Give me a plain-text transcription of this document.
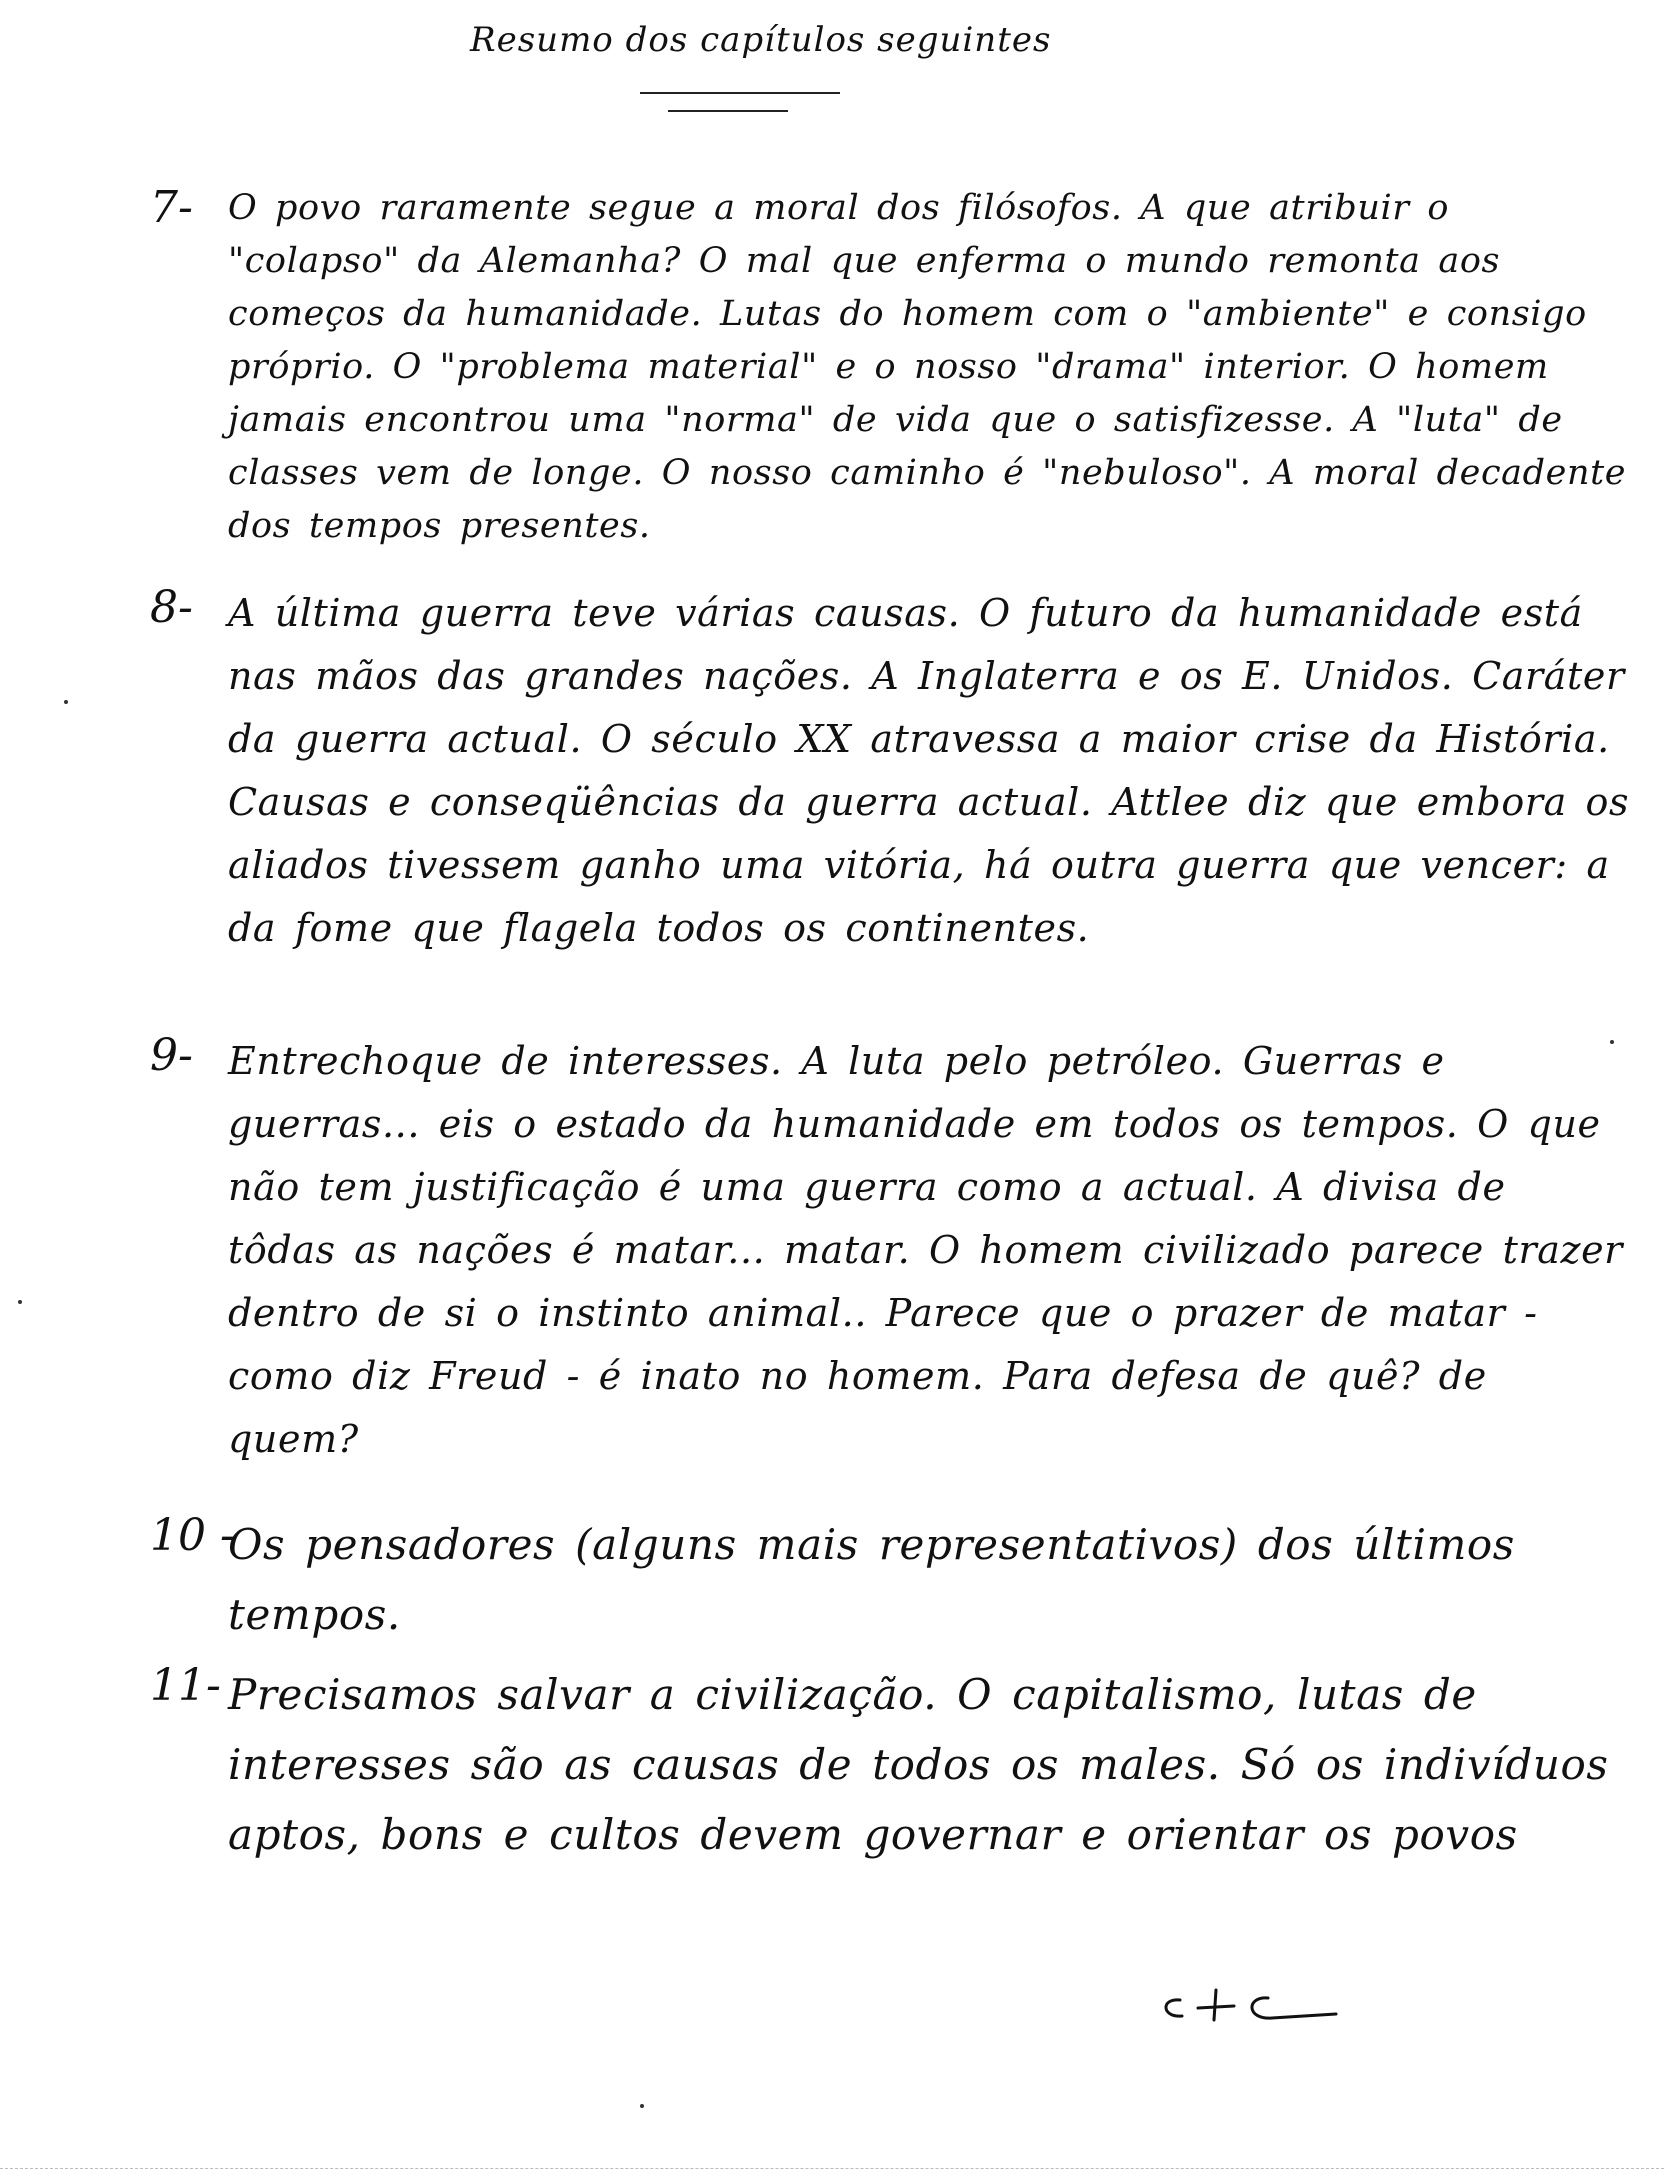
Resumo dos capítulos seguintes
7- O povo raramente segue a moral dos filósofos. A que atribuir o "colapso" da Alemanha? O mal que enferma o mundo remonta aos começos da humanidade. Lutas do homem com o "ambiente" e consigo próprio. O "problema material" e o nosso "drama" interior. O homem jamais encontrou uma "norma" de vida que o satisfizesse. A "luta" de classes vem de longe. O nosso caminho é "nebuloso". A moral decadente dos tempos presentes.
8- A última guerra teve várias causas. O futuro da humanidade está nas mãos das grandes nações. A Inglaterra e os E. Unidos. Caráter da guerra actual. O século XX atravessa a maior crise da História. Causas e conseqüências da guerra actual. Attlee diz que embora os aliados tivessem ganho uma vitória, há outra guerra que vencer: a da fome que flagela todos os continentes.
9- Entrechoque de interesses. A luta pelo petróleo. Guerras e guerras... eis o estado da humanidade em todos os tempos. O que não tem justificação é uma guerra como a actual. A divisa de tôdas as nações é matar... matar. O homem civilizado parece trazer dentro de si o instinto animal.. Parece que o prazer de matar - como diz Freud - é inato no homem. Para defesa de quê? de quem?
10 -
Os pensadores (alguns mais representativos) dos últimos tempos.
11- Precisamos salvar a civilização. O capitalismo, lutas de interesses são as causas de todos os males. Só os indivíduos aptos, bons e cultos devem governar e orientar os povos
